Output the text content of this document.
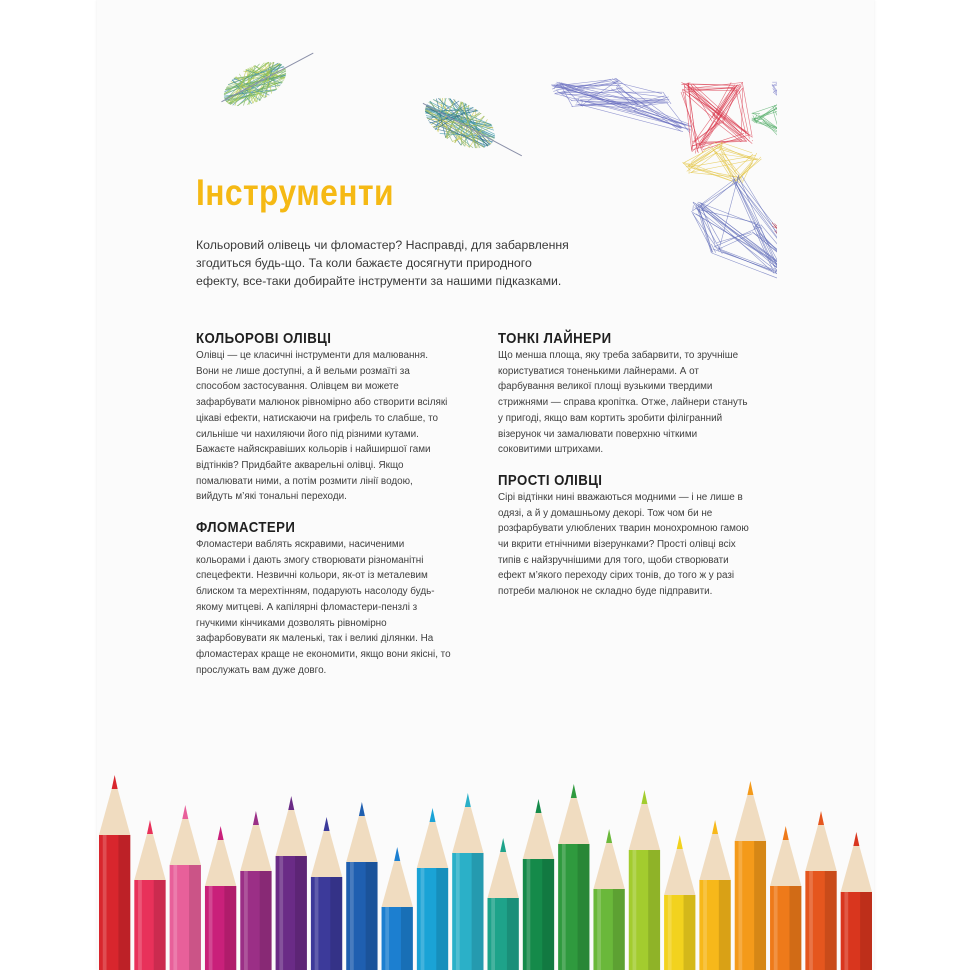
Інструменти

Кольоровий олівець чи фломастер? Насправді, для забарвлення згодиться будь-що. Та коли бажаєте досягнути природного ефекту, все-таки добирайте інструменти за нашими підказками.

КОЛЬОРОВІ ОЛІВЦІ

Олівці — це класичні інструменти для малювання. Вони не лише доступні, а й вельми розмаїті за способом застосування. Олівцем ви можете зафарбувати малюнок рівномірно або створити всілякі цікаві ефекти, натискаючи на грифель то слабше, то сильніше чи нахиляючи його під різними кутами. Бажаєте найяскравіших кольорів і найширшої гами відтінків? Придбайте акварельні олівці. Якщо помалювати ними, а потім розмити лінії водою, вийдуть м’які тональні переходи.

ФЛОМАСТЕРИ

Фломастери ваблять яскравими, насиченими кольорами і дають змогу створювати різноманітні спецефекти. Незвичні кольори, як-от із металевим блиском та мерехтінням, подарують насолоду будь-якому митцеві. А капілярні фломастери-пензлі з гнучкими кінчиками дозволять рівномірно зафарбовувати як маленькі, так і великі ділянки. На фломастерах краще не економити, якщо вони якісні, то прослужать вам дуже довго.

ТОНКІ ЛАЙНЕРИ

Що менша площа, яку треба забарвити, то зручніше користуватися тоненькими лайнерами. А от фарбування великої площі вузькими твердими стрижнями — справа кропітка. Отже, лайнери стануть у пригоді, якщо вам кортить зробити філігранний візерунок чи замалювати поверхню чіткими соковитими штрихами.

ПРОСТІ ОЛІВЦІ

Сірі відтінки нині вважаються модними — і не лише в одязі, а й у домашньому декорі. Тож чом би не розфарбувати улюблених тварин монохромною гамою чи вкрити етнічними візерунками? Прості олівці всіх типів є найзручнішими для того, щоби створювати ефект м’якого переходу сірих тонів, до того ж у разі потреби малюнок не складно буде підправити.
